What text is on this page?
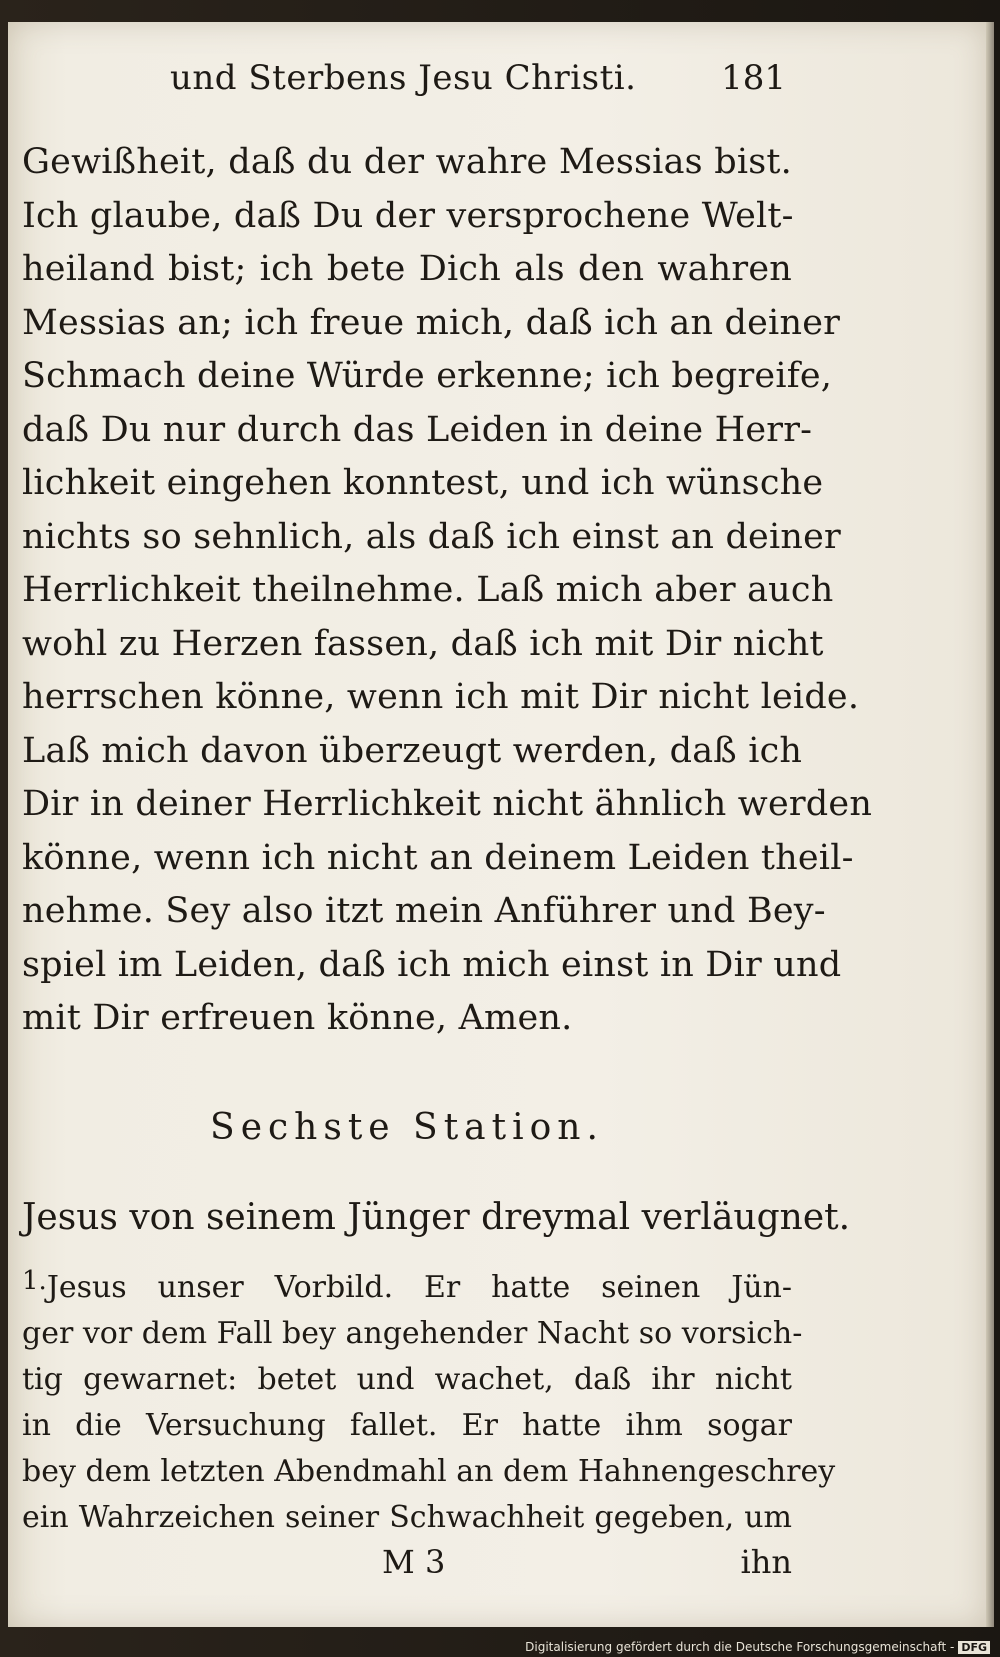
und Sterbens Jesu Christi. 181
Gewißheit, daß du der wahre Messias bist.
Ich glaube, daß Du der versprochene Welt-
heiland bist; ich bete Dich als den wahren
Messias an; ich freue mich, daß ich an deiner
Schmach deine Würde erkenne; ich begreife,
daß Du nur durch das Leiden in deine Herr-
lichkeit eingehen konntest, und ich wünsche
nichts so sehnlich, als daß ich einst an deiner
Herrlichkeit theilnehme. Laß mich aber auch
wohl zu Herzen fassen, daß ich mit Dir nicht
herrschen könne, wenn ich mit Dir nicht leide.
Laß mich davon überzeugt werden, daß ich
Dir in deiner Herrlichkeit nicht ähnlich werden
könne, wenn ich nicht an deinem Leiden theil-
nehme. Sey also itzt mein Anführer und Bey-
spiel im Leiden, daß ich mich einst in Dir und
mit Dir erfreuen könne, Amen.
Sechste Station.
Jesus von seinem Jünger dreymal verläugnet.
1.Jesus unser Vorbild. Er hatte seinen Jün-
ger vor dem Fall bey angehender Nacht so vorsich-
tig gewarnet: betet und wachet, daß ihr nicht
in die Versuchung fallet. Er hatte ihm sogar
bey dem letzten Abendmahl an dem Hahnengeschrey
ein Wahrzeichen seiner Schwachheit gegeben, um
M 3	ihn
Digitalisierung gefördert durch die Deutsche Forschungsgemeinschaft - DFG
